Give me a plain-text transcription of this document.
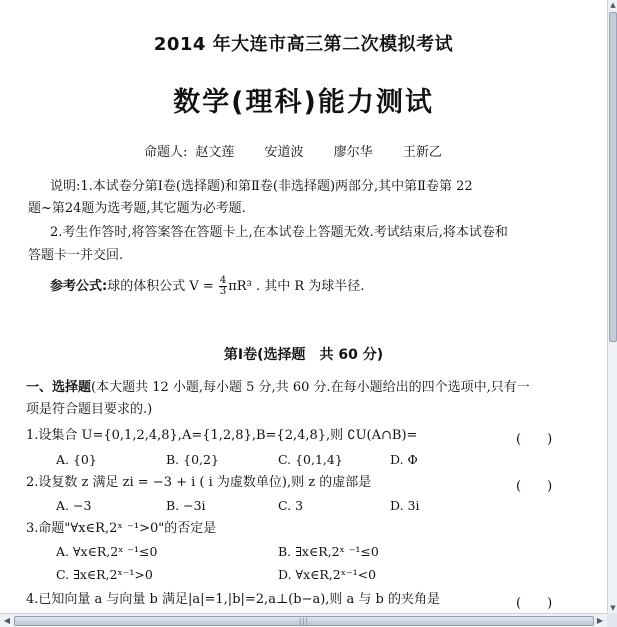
2014 年大连市高三第二次模拟考试
数学(理科)能力测试
命题人: 赵文莲 安道波 廖尔华 王新乙
说明:1.本试卷分第Ⅰ卷(选择题)和第Ⅱ卷(非选择题)两部分,其中第Ⅱ卷第 22
题~第24题为选考题,其它题为必考题.
2.考生作答时,将答案答在答题卡上,在本试卷上答题无效.考试结束后,将本试卷和
答题卡一并交回.
参考公式:球的体积公式 $V = \frac{4}{3} \pi R^3$ . 其中 R 为球半径.
第Ⅰ卷(选择题　共 60 分)
一、选择题(本大题共 12 小题,每小题 5 分,共 60 分.在每小题给出的四个选项中,只有一
项是符合题目要求的.)
1.设集合 U={0,1,2,4,8},A={1,2,8},B={2,4,8},则 ∁U(A∩B)=	(　　)
A. {0}	B. {0,2}	C. {0,1,4}	D. Φ
2.设复数 z 满足 zi = −3 + i ( i 为虚数单位),则 z 的虚部是	(　　)
A. −3	B. −3i	C. 3	D. 3i
3.命题"∀x∈R,2ˣ ⁻¹>0"的否定是
A. ∀x∈R,2ˣ ⁻¹≤0	B. ∃x∈R,2ˣ ⁻¹≤0
C. ∃x∈R,2ˣ⁻¹>0	D. ∀x∈R,2ˣ⁻¹<0
4.已知向量 a 与向量 b 满足|a|=1,|b|=2,a⊥(b−a),则 a 与 b 的夹角是	(　　)
▲
▼
◀	|||	▶
